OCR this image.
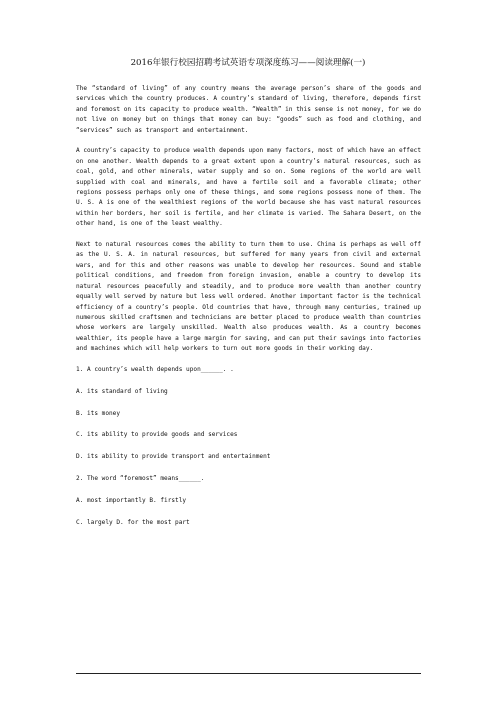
2016年银行校园招聘考试英语专项深度练习——阅读理解(一)

The “standard of living” of any country means the average person’s share of the goods and services which the country produces. A country’s standard of living, therefore, depends first and foremost on its capacity to produce wealth. “Wealth” in this sense is not money, for we do not live on money but on things that money can buy: “goods” such as food and clothing, and “services” such as transport and entertainment.

A country’s capacity to produce wealth depends upon many factors, most of which have an effect on one another. Wealth depends to a great extent upon a country’s natural resources, such as coal, gold, and other minerals, water supply and so on. Some regions of the world are well supplied with coal and minerals, and have a fertile soil and a favorable climate; other regions possess perhaps only one of these things, and some regions possess none of them. The U. S. A is one of the wealthiest regions of the world because she has vast natural resources within her borders, her soil is fertile, and her climate is varied. The Sahara Desert, on the other hand, is one of the least wealthy.

Next to natural resources comes the ability to turn them to use. China is perhaps as well off as the U. S. A. in natural resources, but suffered for many years from civil and external wars, and for this and other reasons was unable to develop her resources. Sound and stable political conditions, and freedom from foreign invasion, enable a country to develop its natural resources peacefully and steadily, and to produce more wealth than another country equally well served by nature but less well ordered. Another important factor is the technical efficiency of a country’s people. Old countries that have, through many centuries, trained up numerous skilled craftsmen and technicians are better placed to produce wealth than countries whose workers are largely unskilled. Wealth also produces wealth. As a country becomes wealthier, its people have a large margin for saving, and can put their savings into factories and machines which will help workers to turn out more goods in their working day.

1. A country’s wealth depends upon______. .
A. its standard of living
B. its money
C. its ability to provide goods and services
D. its ability to provide transport and entertainment
2. The word “foremost” means______.
A. most importantly B. firstly
C. largely D. for the most part
